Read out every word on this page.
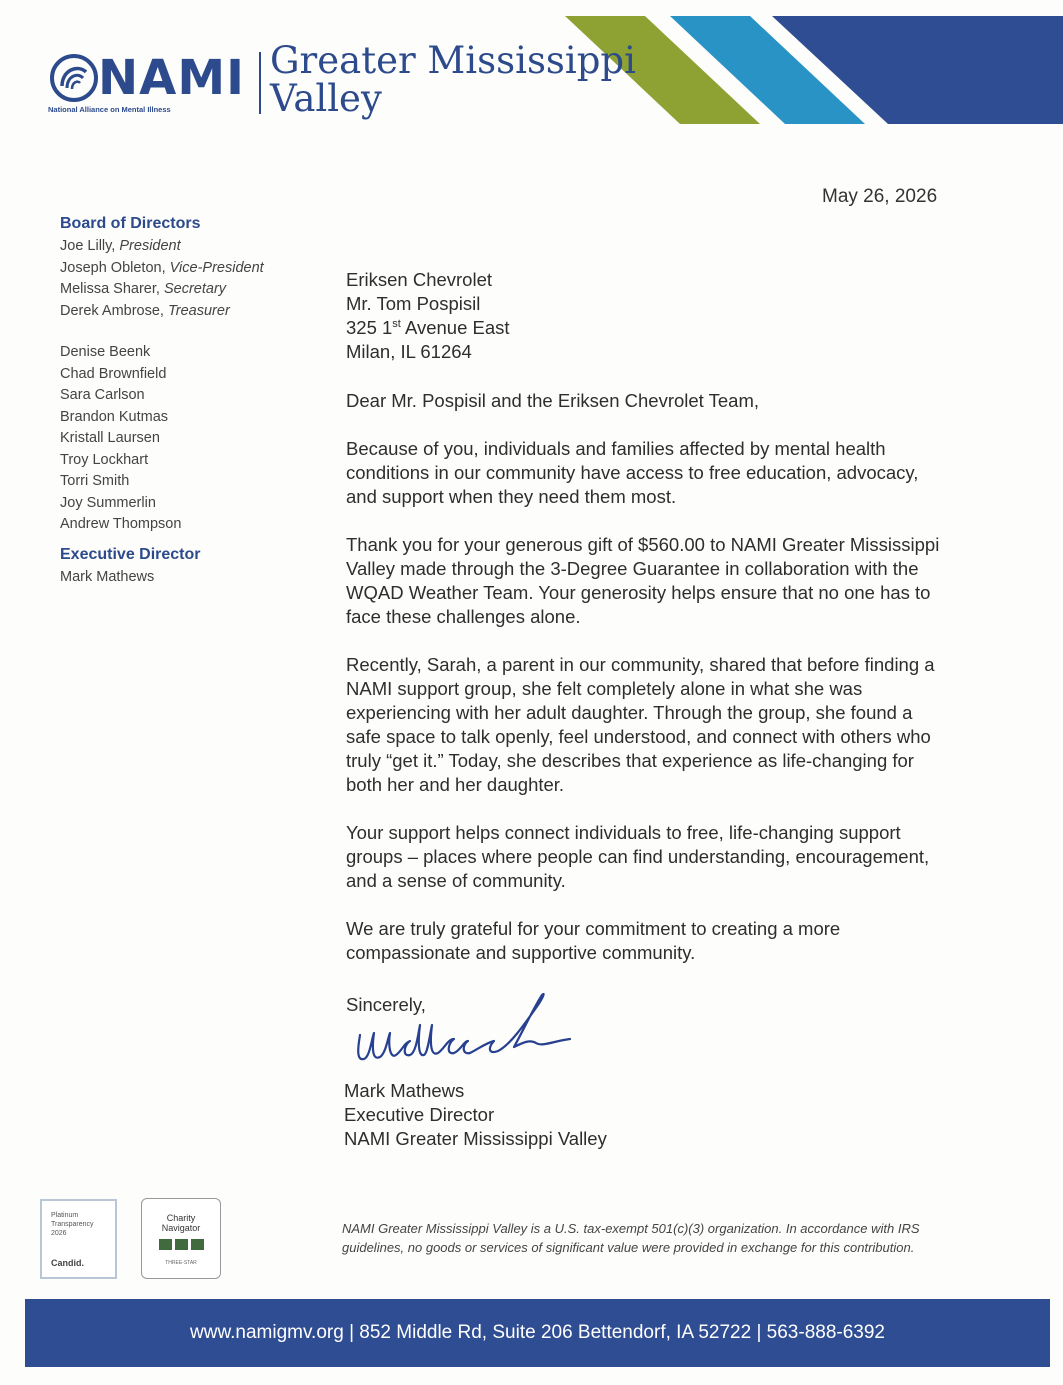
NAMI
National Alliance on Mental Illness
Greater Mississippi
Valley
May 26, 2026
Board of Directors
Joe Lilly, President
Joseph Obleton, Vice-President
Melissa Sharer, Secretary
Derek Ambrose, Treasurer
Denise Beenk
Chad Brownfield
Sara Carlson
Brandon Kutmas
Kristall Laursen
Troy Lockhart
Torri Smith
Joy Summerlin
Andrew Thompson
Executive Director
Mark Mathews
Eriksen Chevrolet
Mr. Tom Pospisil
325 1st Avenue East
Milan, IL 61264

Dear Mr. Pospisil and the Eriksen Chevrolet Team,

Because of you, individuals and families affected by mental health conditions in our community have access to free education, advocacy, and support when they need them most.

Thank you for your generous gift of $560.00 to NAMI Greater Mississippi Valley made through the 3-Degree Guarantee in collaboration with the WQAD Weather Team. Your generosity helps ensure that no one has to face these challenges alone.

Recently, Sarah, a parent in our community, shared that before finding a NAMI support group, she felt completely alone in what she was experiencing with her adult daughter. Through the group, she found a safe space to talk openly, feel understood, and connect with others who truly “get it.” Today, she describes that experience as life-changing for both her and her daughter.

Your support helps connect individuals to free, life-changing support groups – places where people can find understanding, encouragement, and a sense of community.

We are truly grateful for your commitment to creating a more compassionate and supportive community.

Sincerely,

Mark Mathews
Executive Director
NAMI Greater Mississippi Valley
Platinum
Transparency
2026
Candid.
Charity
Navigator
THREE-STAR
NAMI Greater Mississippi Valley is a U.S. tax-exempt 501(c)(3) organization. In accordance with IRS guidelines, no goods or services of significant value were provided in exchange for this contribution.
www.namigmv.org | 852 Middle Rd, Suite 206 Bettendorf, IA 52722 | 563-888-6392
